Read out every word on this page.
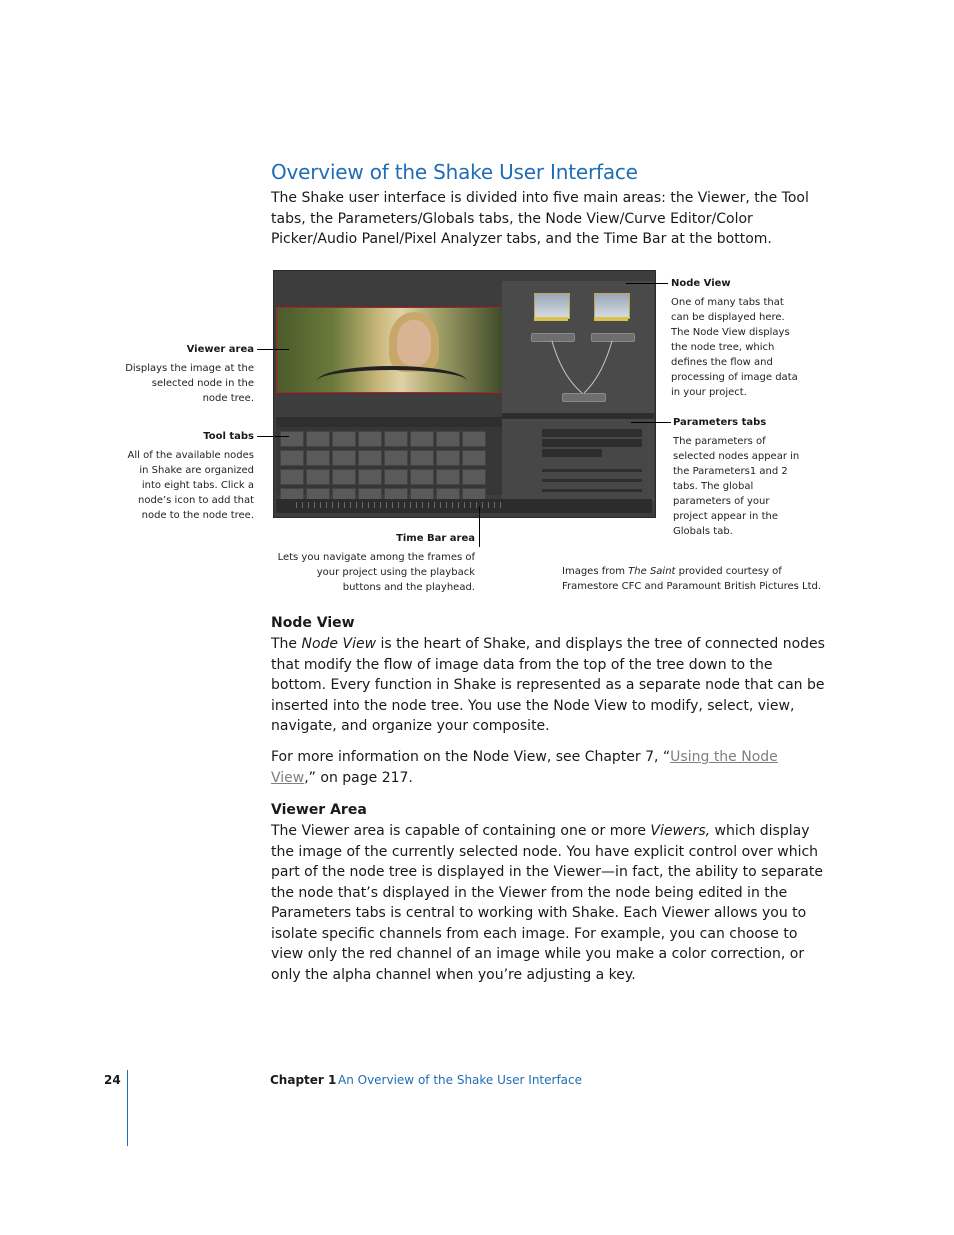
Overview of the Shake User Interface
The Shake user interface is divided into five main areas: the Viewer, the Tool tabs, the Parameters/Globals tabs, the Node View/Curve Editor/Color Picker/Audio Panel/Pixel Analyzer tabs, and the Time Bar at the bottom.
Viewer area
Displays the image at the
selected node in the
node tree.
Tool tabs
All of the available nodes
in Shake are organized
into eight tabs. Click a
node’s icon to add that
node to the node tree.
Node View
One of many tabs that
can be displayed here.
The Node View displays
the node tree, which
defines the flow and
processing of image data
in your project.
Parameters tabs
The parameters of
selected nodes appear in
the Parameters1 and 2
tabs. The global
parameters of your
project appear in the
Globals tab.
Time Bar area
Lets you navigate among the frames of
your project using the playback
buttons and the playhead.
Images from The Saint provided courtesy of
Framestore CFC and Paramount British Pictures Ltd.
Node View
The Node View is the heart of Shake, and displays the tree of connected nodes that modify the flow of image data from the top of the tree down to the bottom. Every function in Shake is represented as a separate node that can be inserted into the node tree. You use the Node View to modify, select, view, navigate, and organize your composite.
For more information on the Node View, see Chapter 7, “Using the Node View,” on page 217.
Viewer Area
The Viewer area is capable of containing one or more Viewers, which display the image of the currently selected node. You have explicit control over which part of the node tree is displayed in the Viewer—in fact, the ability to separate the node that’s displayed in the Viewer from the node being edited in the Parameters tabs is central to working with Shake. Each Viewer allows you to isolate specific channels from each image. For example, you can choose to view only the red channel of an image while you make a color correction, or only the alpha channel when you’re adjusting a key.
24	Chapter 1 An Overview of the Shake User Interface
